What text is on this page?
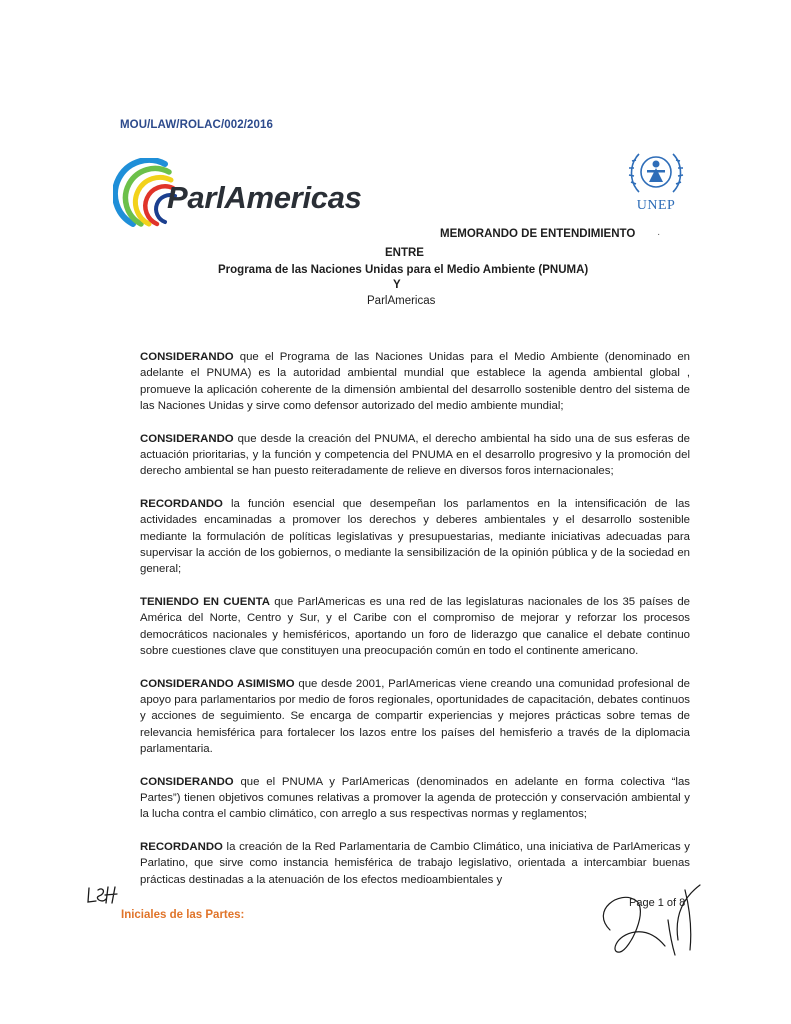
MOU/LAW/ROLAC/002/2016
ParlAmericas	UNEP
·
MEMORANDO DE ENTENDIMIENTO
ENTRE
Programa de las Naciones Unidas para el Medio Ambiente (PNUMA)
Y
ParlAmericas

CONSIDERANDO que el Programa de las Naciones Unidas para el Medio Ambiente (denominado en adelante el PNUMA) es la autoridad ambiental mundial que establece la agenda ambiental global , promueve la aplicación coherente de la dimensión ambiental del desarrollo sostenible dentro del sistema de las Naciones Unidas y sirve como defensor autorizado del medio ambiente mundial;

CONSIDERANDO que desde la creación del PNUMA, el derecho ambiental ha sido una de sus esferas de actuación prioritarias, y la función y competencia del PNUMA en el desarrollo progresivo y la promoción del derecho ambiental se han puesto reiteradamente de relieve en diversos foros internacionales;

RECORDANDO la función esencial que desempeñan los parlamentos en la intensificación de las actividades encaminadas a promover los derechos y deberes ambientales y el desarrollo sostenible mediante la formulación de políticas legislativas y presupuestarias, mediante iniciativas adecuadas para supervisar la acción de los gobiernos, o mediante la sensibilización de la opinión pública y de la sociedad en general;

TENIENDO EN CUENTA que ParlAmericas es una red de las legislaturas nacionales de los 35 países de América del Norte, Centro y Sur, y el Caribe con el compromiso de mejorar y reforzar los procesos democráticos nacionales y hemisféricos, aportando un foro de liderazgo que canalice el debate continuo sobre cuestiones clave que constituyen una preocupación común en todo el continente americano.

CONSIDERANDO ASIMISMO que desde 2001, ParlAmericas viene creando una comunidad profesional de apoyo para parlamentarios por medio de foros regionales, oportunidades de capacitación, debates continuos y acciones de seguimiento. Se encarga de compartir experiencias y mejores prácticas sobre temas de relevancia hemisférica para fortalecer los lazos entre los países del hemisferio a través de la diplomacia parlamentaria.

CONSIDERANDO que el PNUMA y ParlAmericas (denominados en adelante en forma colectiva “las Partes”) tienen objetivos comunes relativas a promover la agenda de protección y conservación ambiental y la lucha contra el cambio climático, con arreglo a sus respectivas normas y reglamentos;

RECORDANDO la creación de la Red Parlamentaria de Cambio Climático, una iniciativa de ParlAmericas y Parlatino, que sirve como instancia hemisférica de trabajo legislativo, orientada a intercambiar buenas prácticas destinadas a la atenuación de los efectos medioambientales y

Iniciales de las Partes:
Page 1 of 8
